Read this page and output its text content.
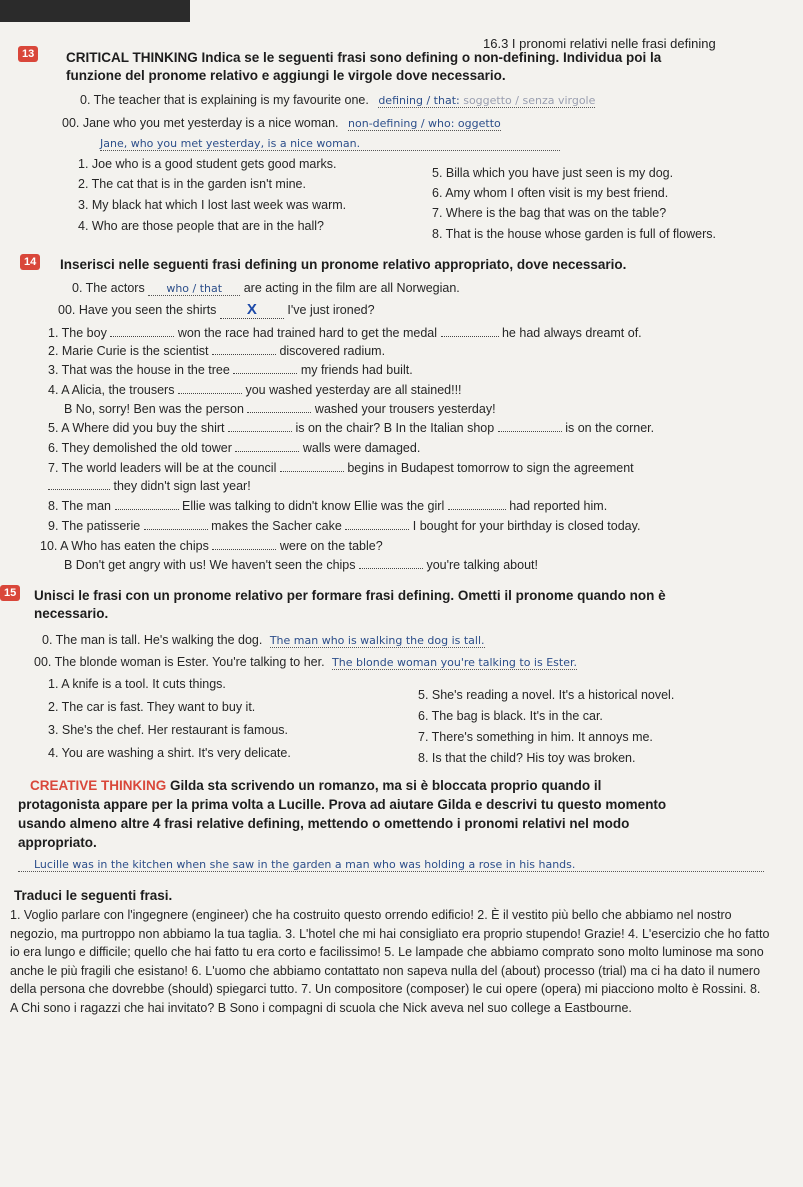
16.3 I pronomi relativi nelle frasi defining
13 CRITICAL THINKING Indica se le seguenti frasi sono defining o non-defining. Individua poi la
funzione del pronome relativo e aggiungi le virgole dove necessario.
0. The teacher that is explaining is my favourite one. defining / that: soggetto / senza virgole
00. Jane who you met yesterday is a nice woman. non-defining / who: oggetto
Jane, who you met yesterday, is a nice woman.
1. Joe who is a good student gets good marks.
2. The cat that is in the garden isn't mine.
3. My black hat which I lost last week was warm.
4. Who are those people that are in the hall?
5. Billa which you have just seen is my dog.
6. Amy whom I often visit is my best friend.
7. Where is the bag that was on the table?
8. That is the house whose garden is full of flowers.
14 Inserisci nelle seguenti frasi defining un pronome relativo appropriato, dove necessario.
0. The actors who / that are acting in the film are all Norwegian.
00. Have you seen the shirts X I've just ironed?
1. The boy	won the race had trained hard to get the medal	he had always dreamt of.
2. Marie Curie is the scientist	discovered radium.
3. That was the house in the tree	my friends had built.
4. A Alicia, the trousers	you washed yesterday are all stained!!!
B No, sorry! Ben was the person	washed your trousers yesterday!
5. A Where did you buy the shirt	is on the chair? B In the Italian shop	is on the corner.
6. They demolished the old tower	walls were damaged.
7. The world leaders will be at the council	begins in Budapest tomorrow to sign the agreement
they didn't sign last year!
8. The man	Ellie was talking to didn't know Ellie was the girl	had reported him.
9. The patisserie	makes the Sacher cake	I bought for your birthday is closed today.
10. A Who has eaten the chips	were on the table?
B Don't get angry with us! We haven't seen the chips	you're talking about!
15 Unisci le frasi con un pronome relativo per formare frasi defining. Ometti il pronome quando non è
necessario.
0. The man is tall. He's walking the dog. The man who is walking the dog is tall.
00. The blonde woman is Ester. You're talking to her. The blonde woman you're talking to is Ester.
1. A knife is a tool. It cuts things.
2. The car is fast. They want to buy it.
3. She's the chef. Her restaurant is famous.
4. You are washing a shirt. It's very delicate.
5. She's reading a novel. It's a historical novel.
6. The bag is black. It's in the car.
7. There's something in him. It annoys me.
8. Is that the child? His toy was broken.
CREATIVE THINKING Gilda sta scrivendo un romanzo, ma si è bloccata proprio quando il
protagonista appare per la prima volta a Lucille. Prova ad aiutare Gilda e descrivi tu questo momento
usando almeno altre 4 frasi relative defining, mettendo o omettendo i pronomi relativi nel modo
appropriato.
Lucille was in the kitchen when she saw in the garden a man who was holding a rose in his hands.
Traduci le seguenti frasi.
1. Voglio parlare con l'ingegnere (engineer) che ha costruito questo orrendo edificio! 2. È il vestito più bello che abbiamo nel nostro negozio, ma purtroppo non abbiamo la tua taglia. 3. L'hotel che mi hai consigliato era proprio stupendo! Grazie! 4. L'esercizio che ho fatto io era lungo e difficile; quello che hai fatto tu era corto e facilissimo! 5. Le lampade che abbiamo comprato sono molto luminose ma sono anche le più fragili che esistano! 6. L'uomo che abbiamo contattato non sapeva nulla del (about) processo (trial) ma ci ha dato il numero della persona che dovrebbe (should) spiegarci tutto. 7. Un compositore (composer) le cui opere (opera) mi piacciono molto è Rossini. 8. A Chi sono i ragazzi che hai invitato? B Sono i compagni di scuola che Nick aveva nel suo college a Eastbourne.
